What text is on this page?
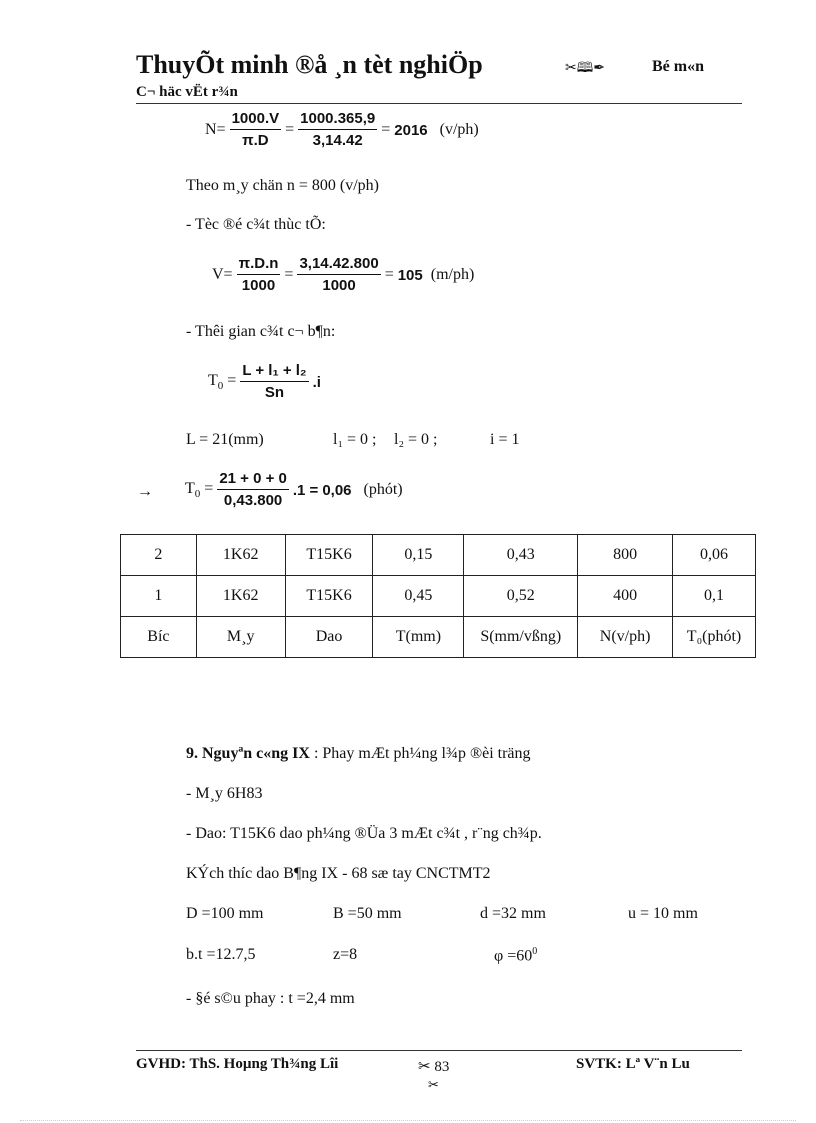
ThuyÕt minh ®å ¸n tèt nghiÖp	✂🕮✒	Bé m«n
C¬ häc vËt r¾n
$N= \frac{1000.V}{\pi.D} = \frac{1000.365,9}{3,14.42} = 2016$ (v/ph)
Theo m¸y chän n = 800 (v/ph)
- Tèc ®é c¾t thùc tÕ:
$V= \frac{\pi.D.n}{1000} = \frac{3,14.42.800}{1000} = 105$ (m/ph)
- Thêi gian c¾t c¬ b¶n:
$T_0 = \frac{\text{L + l₁ + l₂}}{Sn} .i$
L = 21(mm)	l₁ = 0 ; l₂ = 0 ;	i = 1
→ $T_0 = \frac{21 + 0 + 0}{0,43.800} .1 = 0,06$ (phót)
2	1K62	T15K6	0,15	0,43	800	0,06
1	1K62	T15K6	0,45	0,52	400	0,1
Bíc	M¸y	Dao	T(mm)	S(mm/vßng)	N(v/ph)	T₀(phót)
9. Nguyªn c«ng IX : Phay mÆt ph¼ng l¾p ®èi träng
- M¸y 6H83
- Dao: T15K6 dao ph¼ng ®Üa 3 mÆt c¾t , r¨ng ch¾p.
KÝch thíc dao B¶ng IX - 68 sæ tay CNCTMT2
D =100 mm	B =50 mm	d =32 mm	u = 10 mm
b.t =12.7,5	z=8	$\varphi =60^0$
- §é s©u phay : t =2,4 mm
GVHD: ThS. Hoµng Th¾ng Lîi	✂ 83	SVTK: Lª V¨n Lu
✂
